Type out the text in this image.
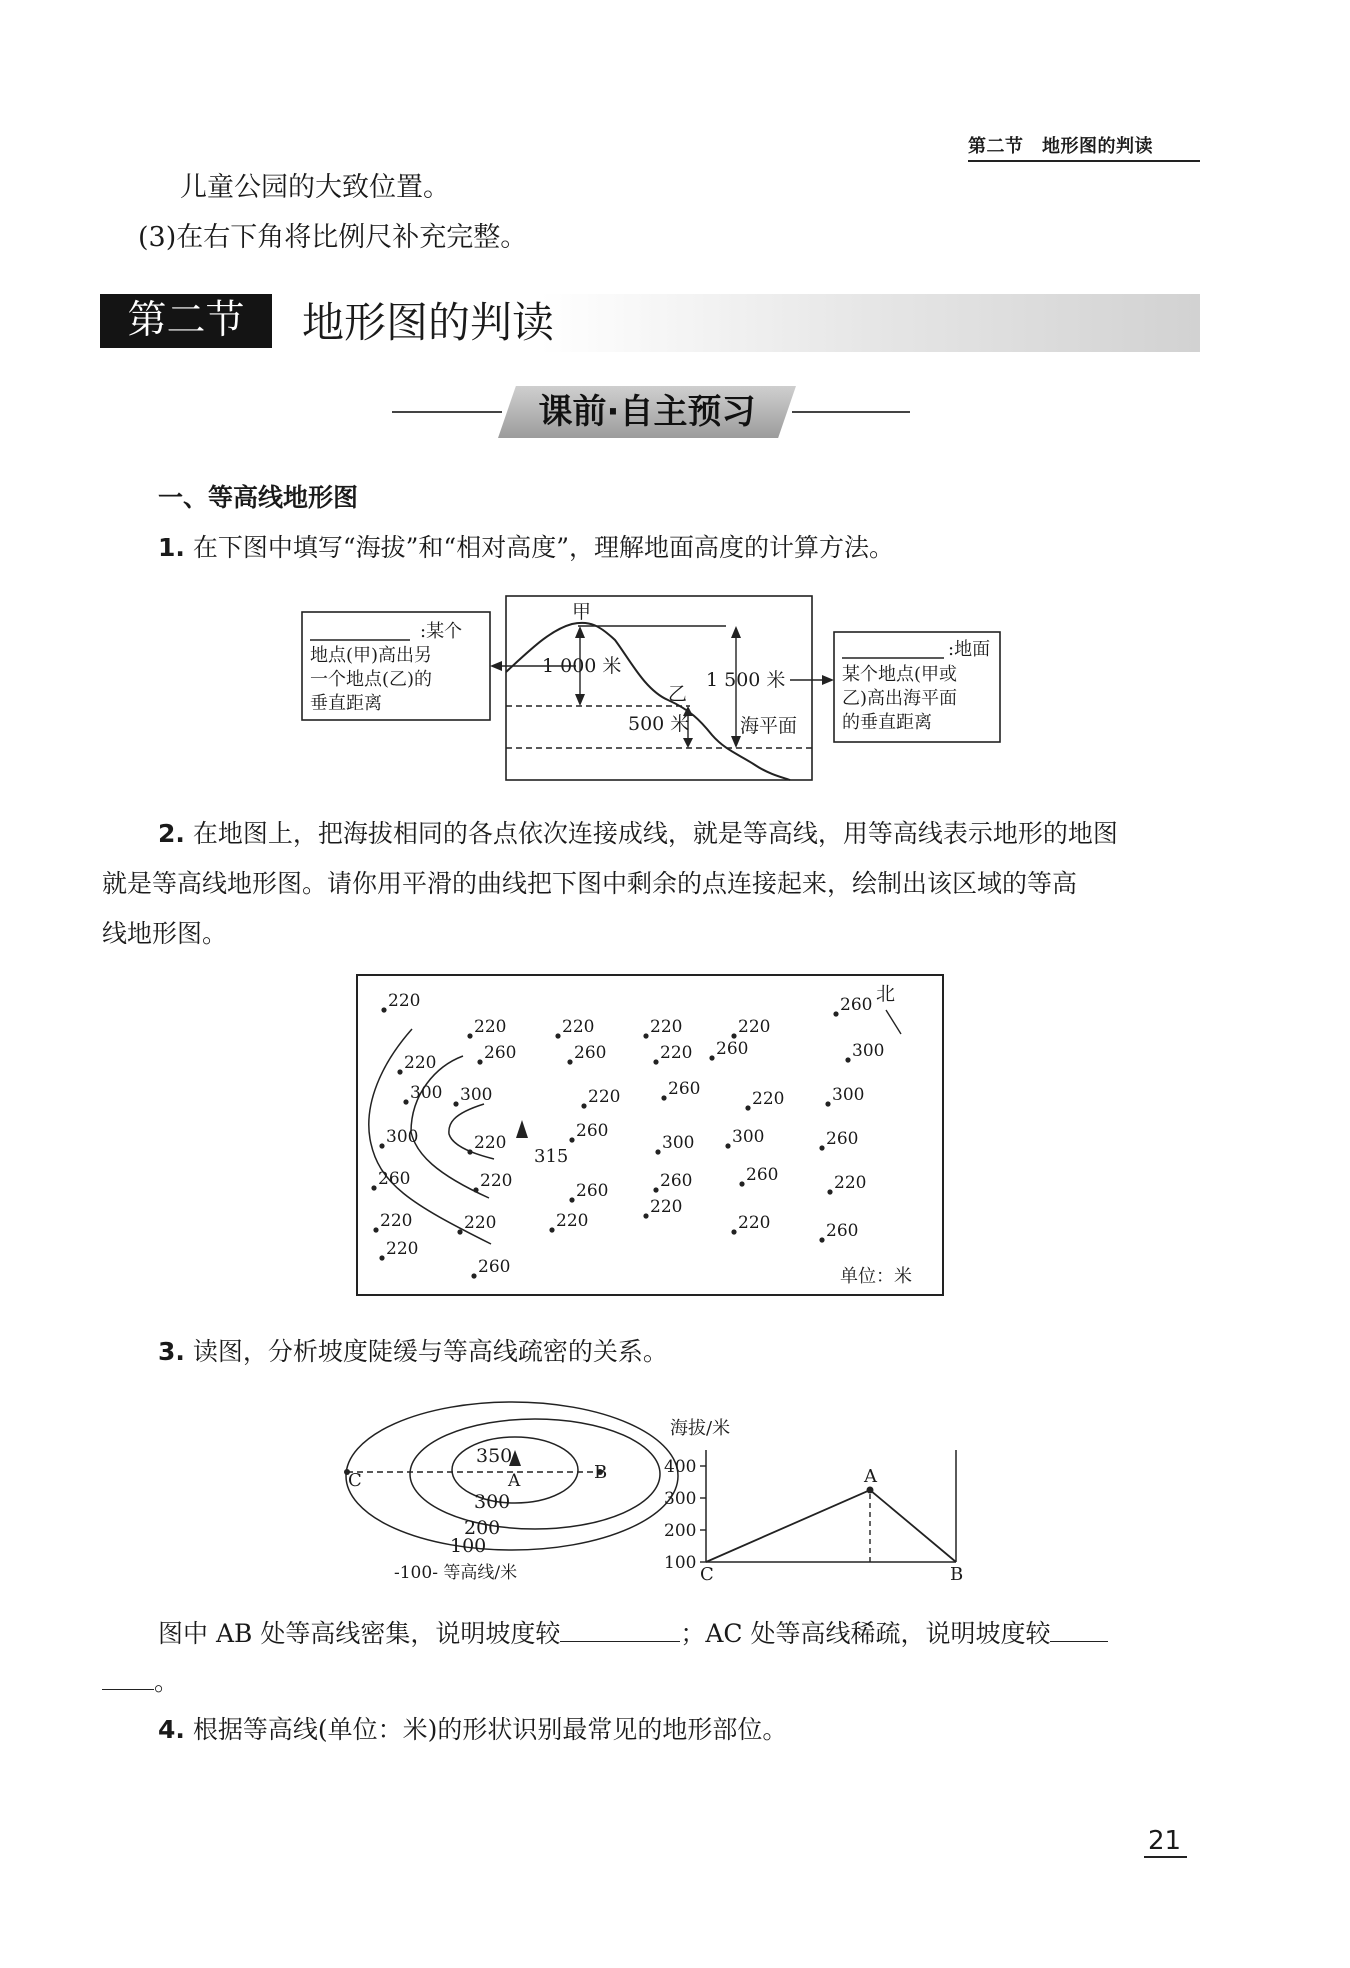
第二节　地形图的判读
儿童公园的大致位置。
(3)在右下角将比例尺补充完整。
第二节	地形图的判读
课前·自主预习
一、等高线地形图
1. 在下图中填写“海拔”和“相对高度”，理解地面高度的计算方法。
:某个
地点(甲)高出另
一个地点(乙)的
垂直距离
甲
乙
1 000 米
1 500 米
500 米	海平面
:地面
某个地点(甲或
乙)高出海平面
的垂直距离
2. 在地图上，把海拔相同的各点依次连接成线，就是等高线，用等高线表示地形的地图
就是等高线地形图。请你用平滑的曲线把下图中剩余的点连接起来，绘制出该区域的等高
线地形图。
315
北
单位：米
220
220	220	220	220
260
220	260	260	220 260	300
300 300	220	260	220	300
300	220
260
300 300	260
260	220	260	260	260	220
220	220	220
220
220	260
220
260
3. 读图，分析坡度陡缓与等高线疏密的关系。
350
A
300
200
100
C	B
-100- 等高线/米
海拔/米
400
300
200
100
A
C	B
图中 AB 处等高线密集，说明坡度较	；AC 处等高线稀疏，说明坡度较
。
4. 根据等高线(单位：米)的形状识别最常见的地形部位。
21
